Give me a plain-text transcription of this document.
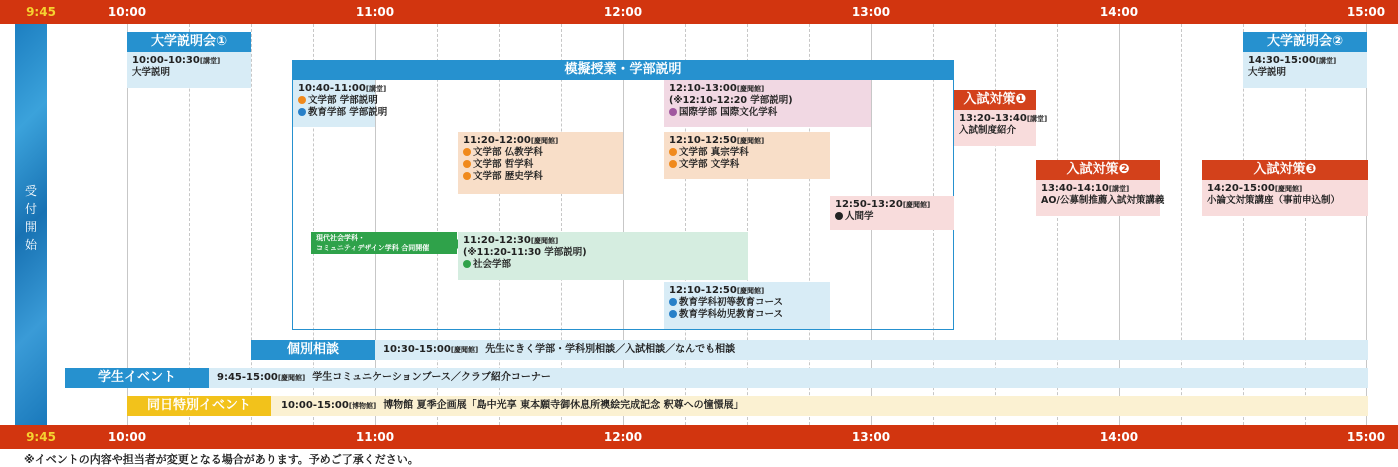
9:45	10:00	11:00	12:00	13:00	14:00	15:00
受
付
開
始
大学説明会①
10:00-10:30[講堂]
大学説明
大学説明会②
14:30-15:00[講堂]
大学説明
模擬授業・学部説明
10:40-11:00[講堂]
文学部 学部説明
教育学部 学部説明
12:10-13:00[慶聞館]
(※12:10-12:20 学部説明)
国際学部 国際文化学科
11:20-12:00[慶聞館]
文学部 仏教学科
文学部 哲学科
文学部 歴史学科
12:10-12:50[慶聞館]
文学部 真宗学科
文学部 文学科
12:50-13:20[慶聞館]
人間学
現代社会学科・
コミュニティデザイン学科 合同開催
11:20-12:30[慶聞館]
(※11:20-11:30 学部説明)
社会学部
12:10-12:50[慶聞館]
教育学科初等教育コース
教育学科幼児教育コース
入試対策❶
13:20-13:40[講堂]
入試制度紹介
入試対策❷
13:40-14:10[講堂]
AO/公募制推薦入試対策講義
入試対策❸
14:20-15:00[慶聞館]
小論文対策講座（事前申込制）
個別相談	10:30-15:00[慶聞館] 先生にきく学部・学科別相談／入試相談／なんでも相談
学生イベント	9:45-15:00[慶聞館] 学生コミュニケーションブース／クラブ紹介コーナー
同日特別イベント	10:00-15:00[博物館] 博物館 夏季企画展「島中光享 東本願寺御休息所襖絵完成記念 釈尊への憧憬展」
9:45	10:00	11:00	12:00	13:00	14:00	15:00
※イベントの内容や担当者が変更となる場合があります。予めご了承ください。
